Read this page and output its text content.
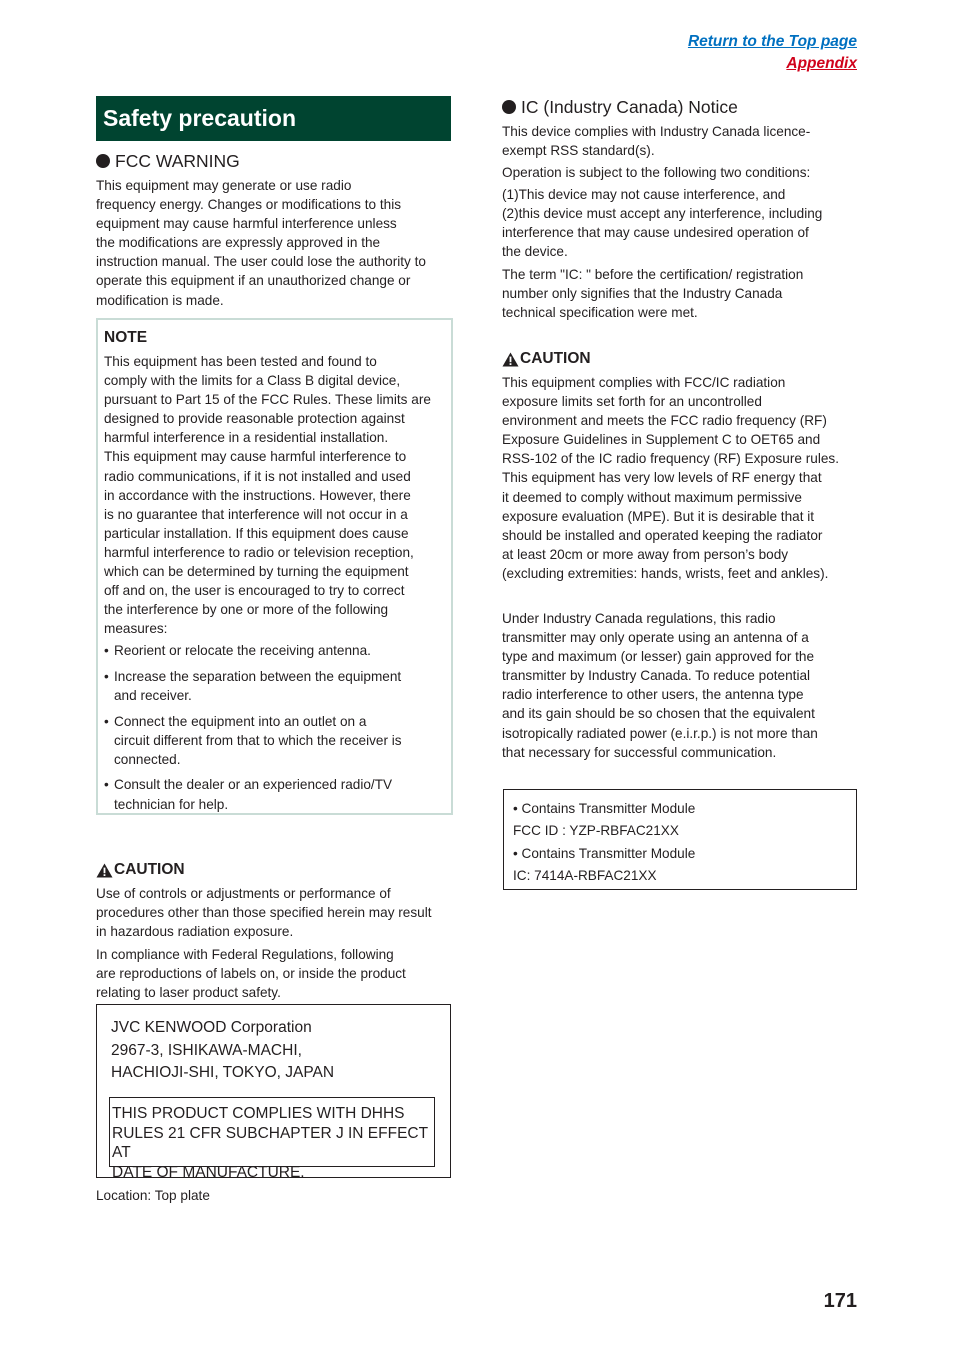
Return to the Top page
Appendix
Safety precaution
FCC WARNING

This equipment may generate or use radio

frequency energy. Changes or modifications to this

equipment may cause harmful interference unless

the modifications are expressly approved in the

instruction manual. The user could lose the authority to

operate this equipment if an unauthorized change or

modification is made.

NOTE

This equipment has been tested and found to

comply with the limits for a Class B digital device,

pursuant to Part 15 of the FCC Rules. These limits are

designed to provide reasonable protection against

harmful interference in a residential installation.

This equipment may cause harmful interference to

radio communications, if it is not installed and used

in accordance with the instructions. However, there

is no guarantee that interference will not occur in a

particular installation. If this equipment does cause

harmful interference to radio or television reception,

which can be determined by turning the equipment

off and on, the user is encouraged to try to correct

the interference by one or more of the following

measures:

• Reorient or relocate the receiving antenna.

• Increase the separation between the equipment

and receiver.

• Connect the equipment into an outlet on a

circuit different from that to which the receiver is

connected.

• Consult the dealer or an experienced radio/TV

technician for help.

CAUTION

Use of controls or adjustments or performance of

procedures other than those specified herein may result

in hazardous radiation exposure.

In compliance with Federal Regulations, following

are reproductions of labels on, or inside the product

relating to laser product safety.

JVC KENWOOD Corporation

2967-3, ISHIKAWA-MACHI,

HACHIOJI-SHI, TOKYO, JAPAN

THIS PRODUCT COMPLIES WITH DHHS

RULES 21 CFR SUBCHAPTER J IN EFFECT AT

DATE OF MANUFACTURE.

Location: Top plate
IC (Industry Canada) Notice

This device complies with Industry Canada licence-

exempt RSS standard(s).

Operation is subject to the following two conditions:

(1)This device may not cause interference, and

(2)this device must accept any interference, including

interference that may cause undesired operation of

the device.

The term "IC: " before the certification/ registration

number only signifies that the Industry Canada

technical specification were met.

CAUTION

This equipment complies with FCC/IC radiation

exposure limits set forth for an uncontrolled

environment and meets the FCC radio frequency (RF)

Exposure Guidelines in Supplement C to OET65 and

RSS-102 of the IC radio frequency (RF) Exposure rules.

This equipment has very low levels of RF energy that

it deemed to comply without maximum permissive

exposure evaluation (MPE). But it is desirable that it

should be installed and operated keeping the radiator

at least 20cm or more away from person’s body

(excluding extremities: hands, wrists, feet and ankles).

Under Industry Canada regulations, this radio

transmitter may only operate using an antenna of a

type and maximum (or lesser) gain approved for the

transmitter by Industry Canada. To reduce potential

radio interference to other users, the antenna type

and its gain should be so chosen that the equivalent

isotropically radiated power (e.i.r.p.) is not more than

that necessary for successful communication.

• Contains Transmitter Module

FCC ID : YZP-RBFAC21XX

• Contains Transmitter Module

IC: 7414A-RBFAC21XX

171
